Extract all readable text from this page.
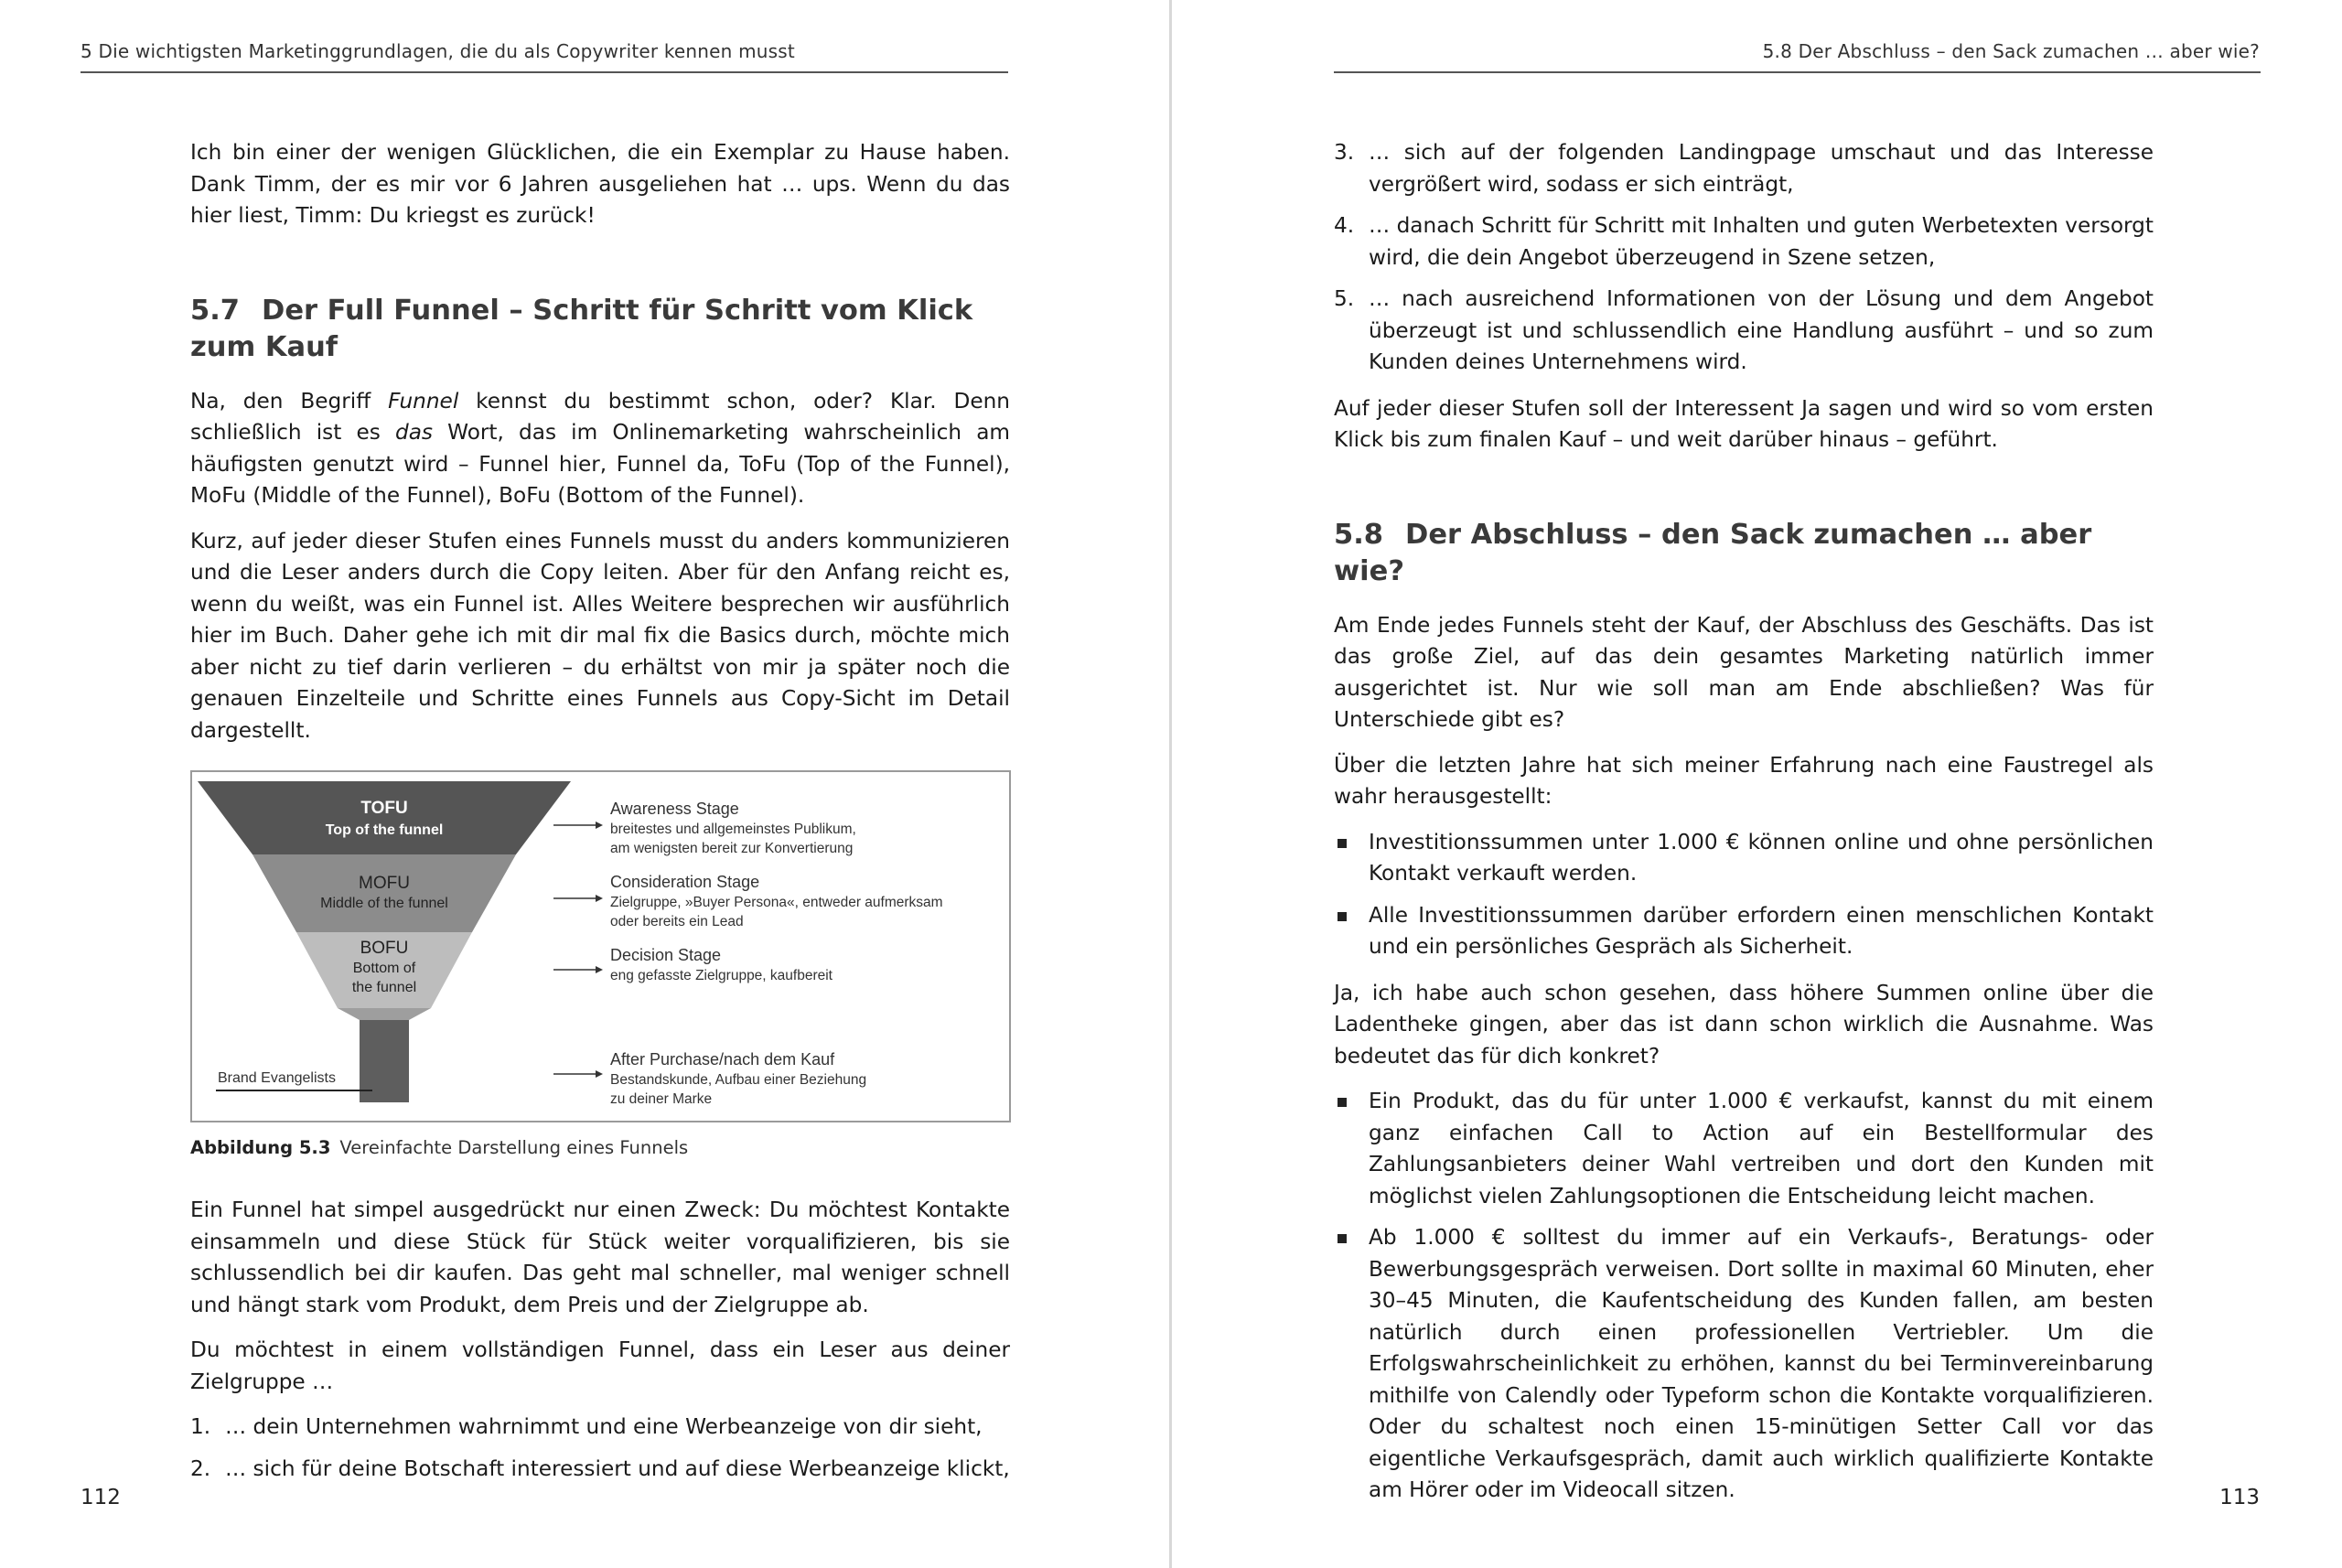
5 Die wichtigsten Marketinggrundlagen, die du als Copywriter kennen musst

Ich bin einer der wenigen Glücklichen, die ein Exemplar zu Hause haben. Dank Timm, der es mir vor 6 Jahren ausgeliehen hat … ups. Wenn du das hier liest, Timm: Du kriegst es zurück!

5.7 Der Full Funnel – Schritt für Schritt vom Klick zum Kauf

Na, den Begriff Funnel kennst du bestimmt schon, oder? Klar. Denn schließlich ist es das Wort, das im Onlinemarketing wahrscheinlich am häufigsten genutzt wird – Funnel hier, Funnel da, ToFu (Top of the Funnel), MoFu (Middle of the Funnel), BoFu (Bottom of the Funnel).

Kurz, auf jeder dieser Stufen eines Funnels musst du anders kommunizieren und die Leser anders durch die Copy leiten. Aber für den Anfang reicht es, wenn du weißt, was ein Funnel ist. Alles Weitere besprechen wir ausführlich hier im Buch. Daher gehe ich mit dir mal fix die Basics durch, möchte mich aber nicht zu tief darin verlieren – du erhältst von mir ja später noch die genauen Einzelteile und Schritte eines Funnels aus Copy-Sicht im Detail dargestellt.

TOFU
Top of the funnel
MOFU
Middle of the funnel
BOFU
Bottom of
the funnel
Brand Evangelists
Awareness Stage
breitestes und allgemeinstes Publikum,
am wenigsten bereit zur Konvertierung
Consideration Stage
Zielgruppe, »Buyer Persona«, entweder aufmerksam
oder bereits ein Lead
Decision Stage
eng gefasste Zielgruppe, kaufbereit
After Purchase/nach dem Kauf
Bestandskunde, Aufbau einer Beziehung
zu deiner Marke
Abbildung 5.3 Vereinfachte Darstellung eines Funnels

Ein Funnel hat simpel ausgedrückt nur einen Zweck: Du möchtest Kontakte einsammeln und diese Stück für Stück weiter vorqualifizieren, bis sie schlussendlich bei dir kaufen. Das geht mal schneller, mal weniger schnell und hängt stark vom Produkt, dem Preis und der Zielgruppe ab.

Du möchtest in einem vollständigen Funnel, dass ein Leser aus deiner Zielgruppe …

1. … dein Unternehmen wahrnimmt und eine Werbeanzeige von dir sieht,
2. … sich für deine Botschaft interessiert und auf diese Werbeanzeige klickt,
112
5.8 Der Abschluss – den Sack zumachen … aber wie?
3. … sich auf der folgenden Landingpage umschaut und das Interesse vergrößert wird, sodass er sich einträgt,
4. … danach Schritt für Schritt mit Inhalten und guten Werbetexten versorgt wird, die dein Angebot überzeugend in Szene setzen,
5. … nach ausreichend Informationen von der Lösung und dem Angebot überzeugt ist und schlussendlich eine Handlung ausführt – und so zum Kunden deines Unternehmens wird.

Auf jeder dieser Stufen soll der Interessent Ja sagen und wird so vom ersten Klick bis zum finalen Kauf – und weit darüber hinaus – geführt.

5.8 Der Abschluss – den Sack zumachen … aber wie?

Am Ende jedes Funnels steht der Kauf, der Abschluss des Geschäfts. Das ist das große Ziel, auf das dein gesamtes Marketing natürlich immer ausgerichtet ist. Nur wie soll man am Ende abschließen? Was für Unterschiede gibt es?

Über die letzten Jahre hat sich meiner Erfahrung nach eine Faustregel als wahr herausgestellt:

Investitionssummen unter 1.000 € können online und ohne persönlichen Kontakt verkauft werden.
Alle Investitionssummen darüber erfordern einen menschlichen Kontakt und ein persönliches Gespräch als Sicherheit.

Ja, ich habe auch schon gesehen, dass höhere Summen online über die Ladentheke gingen, aber das ist dann schon wirklich die Ausnahme. Was bedeutet das für dich konkret?

Ein Produkt, das du für unter 1.000 € verkaufst, kannst du mit einem ganz einfachen Call to Action auf ein Bestellformular des Zahlungsanbieters deiner Wahl vertreiben und dort den Kunden mit möglichst vielen Zahlungsoptionen die Entscheidung leicht machen.
Ab 1.000 € solltest du immer auf ein Verkaufs-, Beratungs- oder Bewerbungsgespräch verweisen. Dort sollte in maximal 60 Minuten, eher 30–45 Minuten, die Kaufentscheidung des Kunden fallen, am besten natürlich durch einen professionellen Vertriebler. Um die Erfolgswahrscheinlichkeit zu erhöhen, kannst du bei Terminvereinbarung mithilfe von Calendly oder Typeform schon die Kontakte vorqualifizieren. Oder du schaltest noch einen 15-minütigen Setter Call vor das eigentliche Verkaufsgespräch, damit auch wirklich qualifizierte Kontakte am Hörer oder im Videocall sitzen.	113
